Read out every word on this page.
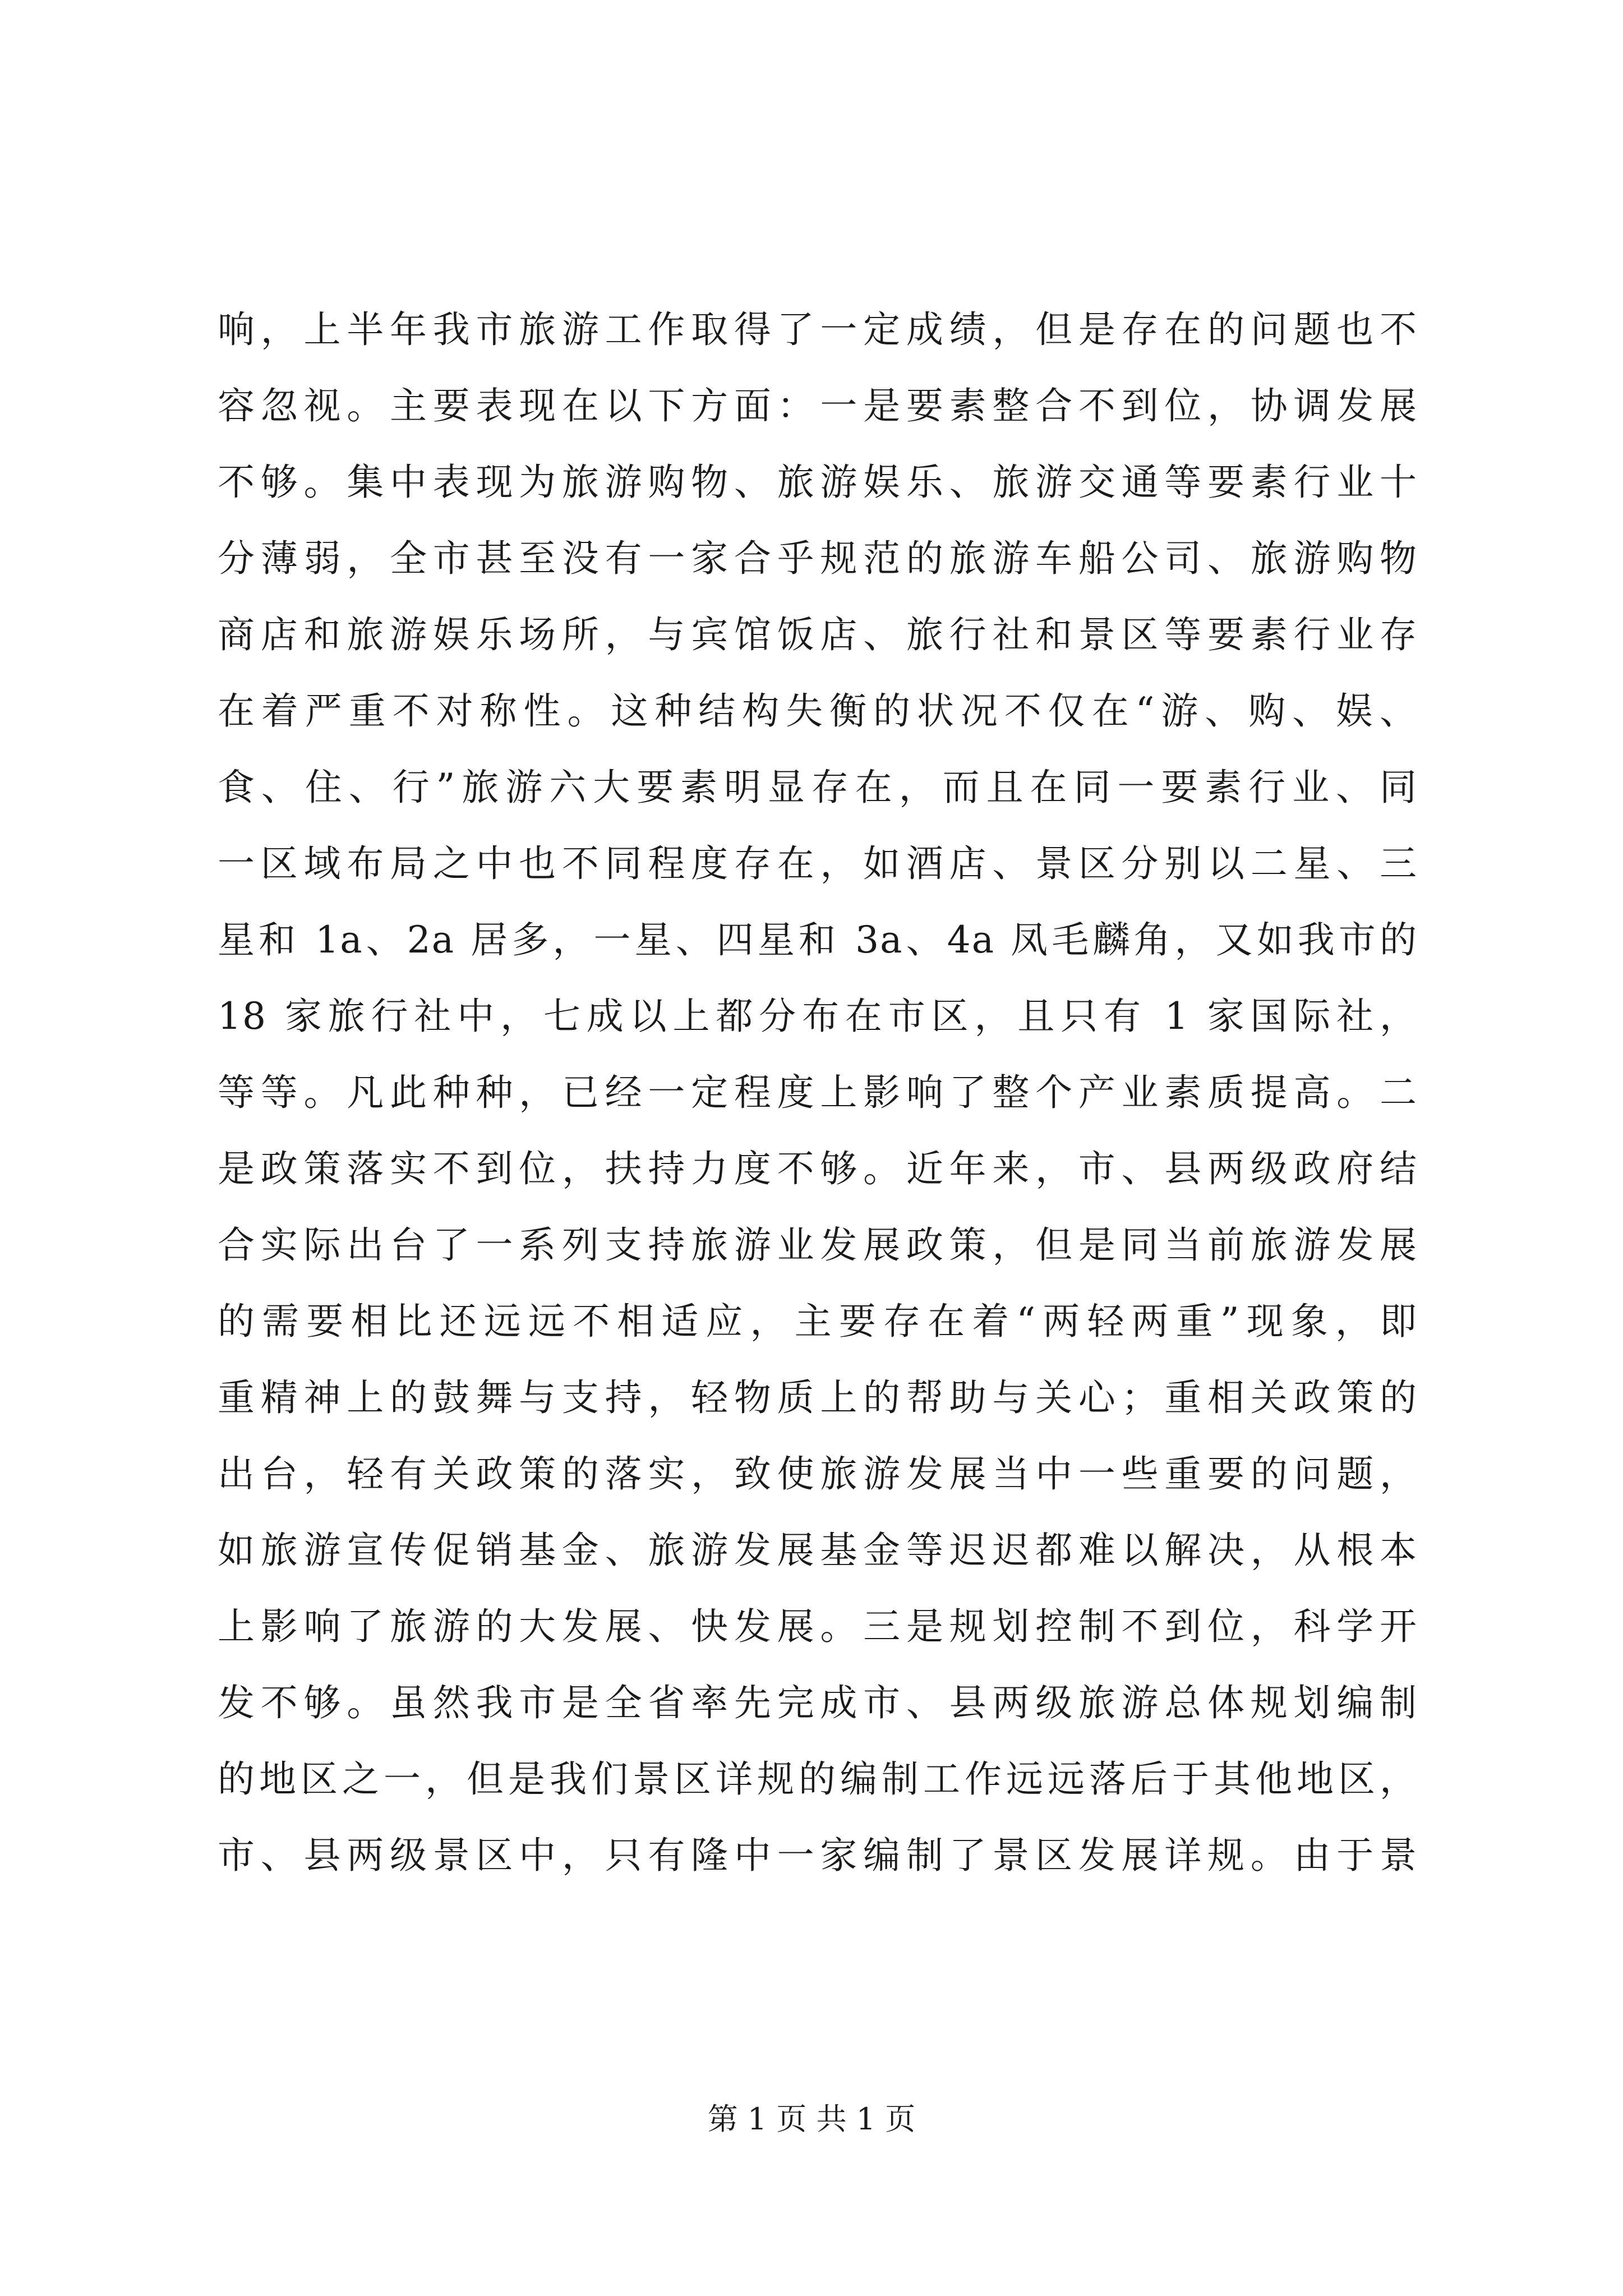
响，上半年我市旅游工作取得了一定成绩，但是存在的问题也不
容忽视。主要表现在以下方面：一是要素整合不到位，协调发展
不够。集中表现为旅游购物、旅游娱乐、旅游交通等要素行业十
分薄弱，全市甚至没有一家合乎规范的旅游车船公司、旅游购物
商店和旅游娱乐场所，与宾馆饭店、旅行社和景区等要素行业存
在着严重不对称性。这种结构失衡的状况不仅在“游、购、娱、
食、住、行”旅游六大要素明显存在，而且在同一要素行业、同
一区域布局之中也不同程度存在，如酒店、景区分别以二星、三
星和 1a、2a 居多，一星、四星和 3a、4a 凤毛麟角，又如我市的
18 家旅行社中，七成以上都分布在市区，且只有 1 家国际社，
等等。凡此种种，已经一定程度上影响了整个产业素质提高。二
是政策落实不到位，扶持力度不够。近年来，市、县两级政府结
合实际出台了一系列支持旅游业发展政策，但是同当前旅游发展
的需要相比还远远不相适应，主要存在着“两轻两重”现象，即
重精神上的鼓舞与支持，轻物质上的帮助与关心；重相关政策的
出台，轻有关政策的落实，致使旅游发展当中一些重要的问题，
如旅游宣传促销基金、旅游发展基金等迟迟都难以解决，从根本
上影响了旅游的大发展、快发展。三是规划控制不到位，科学开
发不够。虽然我市是全省率先完成市、县两级旅游总体规划编制
的地区之一，但是我们景区详规的编制工作远远落后于其他地区，
市、县两级景区中，只有隆中一家编制了景区发展详规。由于景
第 1 页 共 1 页
